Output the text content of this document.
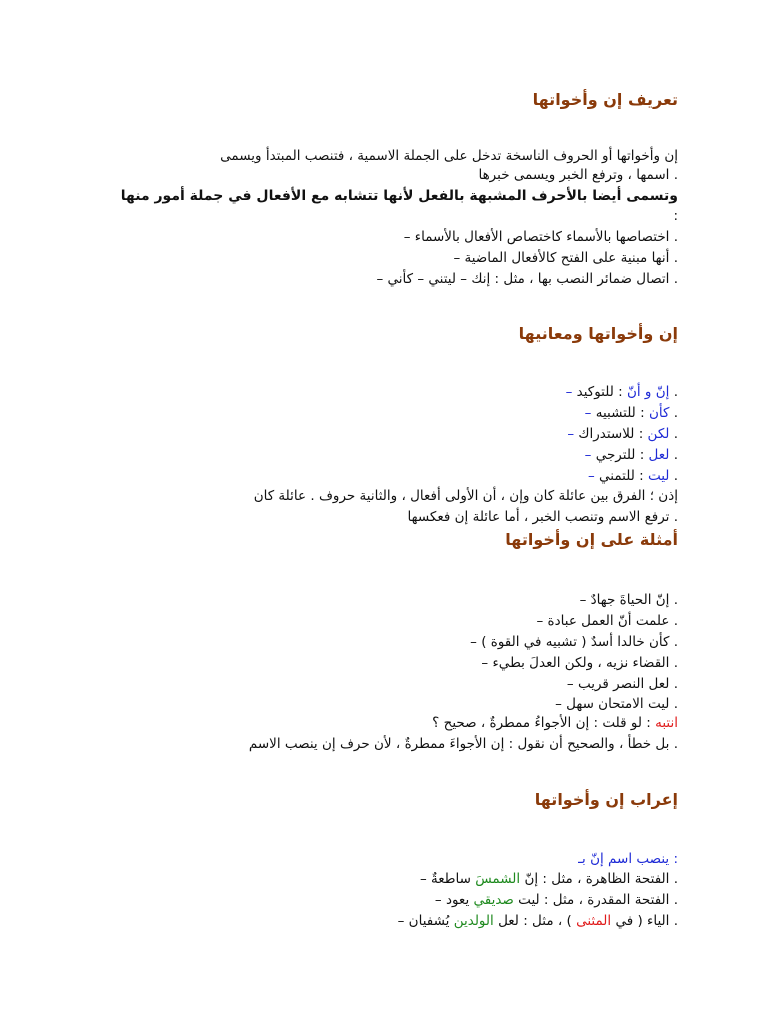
تعريف إن وأخواتها
إن وأخواتها أو الحروف الناسخة تدخل على الجملة الاسمية ، فتنصب المبتدأ ويسمى
. اسمها ، وترفع الخبر ويسمى خبرها
وتسمى أيضا بالأحرف المشبهة بالفعل لأنها تتشابه مع الأفعال في جملة أمور منها
:
. اختصاصها بالأسماء كاختصاص الأفعال بالأسماء –
. أنها مبنية على الفتح كالأفعال الماضية –
. اتصال ضمائر النصب بها ، مثل : إنك – ليتني – كأني –
إن وأخواتها ومعانيها
. إنّ و أنّ : للتوكيد –
. كأن : للتشبيه –
. لكن : للاستدراك –
. لعل : للترجي –
. ليت : للتمني –
إذن ؛ الفرق بين عائلة كان وإن ، أن الأولى أفعال ، والثانية حروف . عائلة كان
. ترفع الاسم وتنصب الخبر ، أما عائلة إن فعكسها
أمثلة على إن وأخواتها
. إنّ الحياةَ جهادٌ –
. علمت أنّ العمل عبادة –
. كأن خالدا أسدٌ ( تشبيه في القوة ) –
. القضاء نزيه ، ولكن العدلَ بطيء –
. لعل النصر قريب –
. ليت الامتحان سهل –
انتبه : لو قلت : إن الأجواءُ ممطرةٌ ، صحيح ؟
. بل خطأ ، والصحيح أن نقول : إن الأجواءَ ممطرةٌ ، لأن حرف إن ينصب الاسم
إعراب إن وأخواتها
: ينصب اسم إنّ بـ
. الفتحة الظاهرة ، مثل : إنّ الشمسَ ساطعةٌ –
. الفتحة المقدرة ، مثل : ليت صديقي يعود –
. الياء ( في المثنى ) ، مثل : لعل الولدين يُشفيان –
